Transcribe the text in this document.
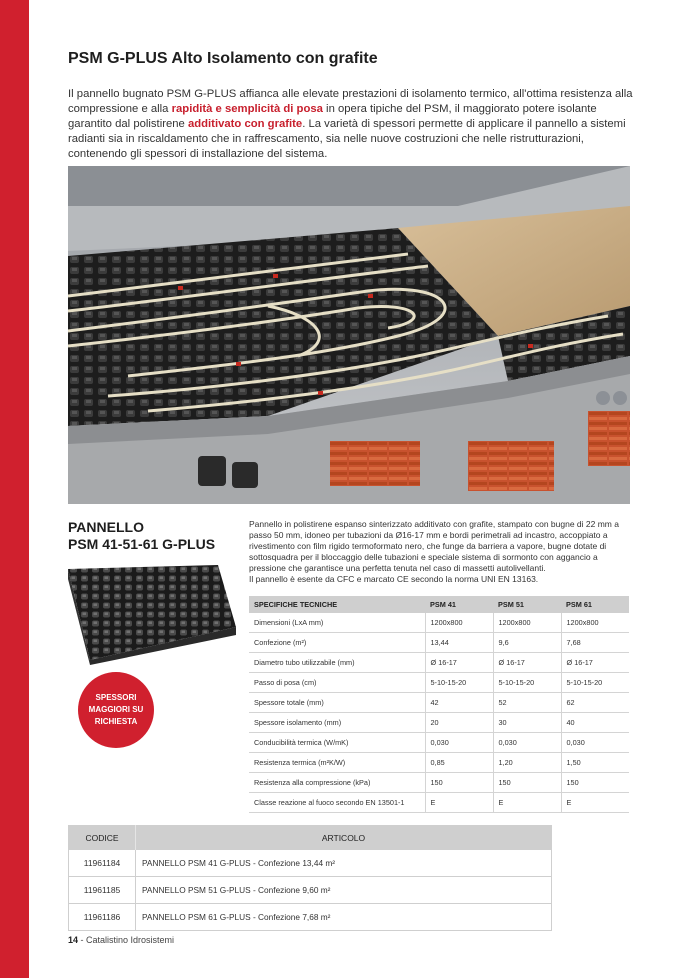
PSM G-PLUS Alto Isolamento con grafite

Il pannello bugnato PSM G-PLUS affianca alle elevate prestazioni di isolamento termico, all'ottima resistenza alla compressione e alla rapidità e semplicità di posa in opera tipiche del PSM, il maggiorato potere isolante garantito dal polistirene additivato con grafite. La varietà di spessori permette di applicare il pannello a sistemi radianti sia in riscaldamento che in raffrescamento, sia nelle nuove costruzioni che nelle ristrutturazioni, contenendo gli spessori di installazione del sistema.

PANNELLO
PSM 41-51-61 G-PLUS

Pannello in polistirene espanso sinterizzato additivato con grafite, stampato con bugne di 22 mm a passo 50 mm, idoneo per tubazioni da Ø16-17 mm e bordi perimetrali ad incastro, accoppiato a rivestimento con film rigido termoformato nero, che funge da barriera a vapore, bugne dotate di sottosquadra per il bloccaggio delle tubazioni e speciale sistema di sormonto con aggancio a pressione che garantisce una perfetta tenuta nel caso di massetti autolivellanti.
Il pannello è esente da CFC e marcato CE secondo la norma UNI EN 13163.

SPESSORI MAGGIORI SU RICHIESTA
SPECIFICHE TECNICHE	PSM 41	PSM 51	PSM 61
Dimensioni (LxA mm)	1200x800	1200x800	1200x800
Confezione (m²)	13,44	9,6	7,68
Diametro tubo utilizzabile (mm)	Ø 16-17	Ø 16-17	Ø 16-17
Passo di posa (cm)	5-10-15-20	5-10-15-20	5-10-15-20
Spessore totale (mm)	42	52	62
Spessore isolamento (mm)	20	30	40
Conducibilità termica (W/mK)	0,030	0,030	0,030
Resistenza termica (m²K/W)	0,85	1,20	1,50
Resistenza alla compressione (kPa)	150	150	150
Classe reazione al fuoco secondo EN 13501-1	E	E	E
CODICE	ARTICOLO
11961184	PANNELLO PSM 41 G-PLUS - Confezione 13,44 m²
11961185	PANNELLO PSM 51 G-PLUS - Confezione 9,60 m²
11961186	PANNELLO PSM 61 G-PLUS - Confezione 7,68 m²
14 - Catalistino Idrosistemi
